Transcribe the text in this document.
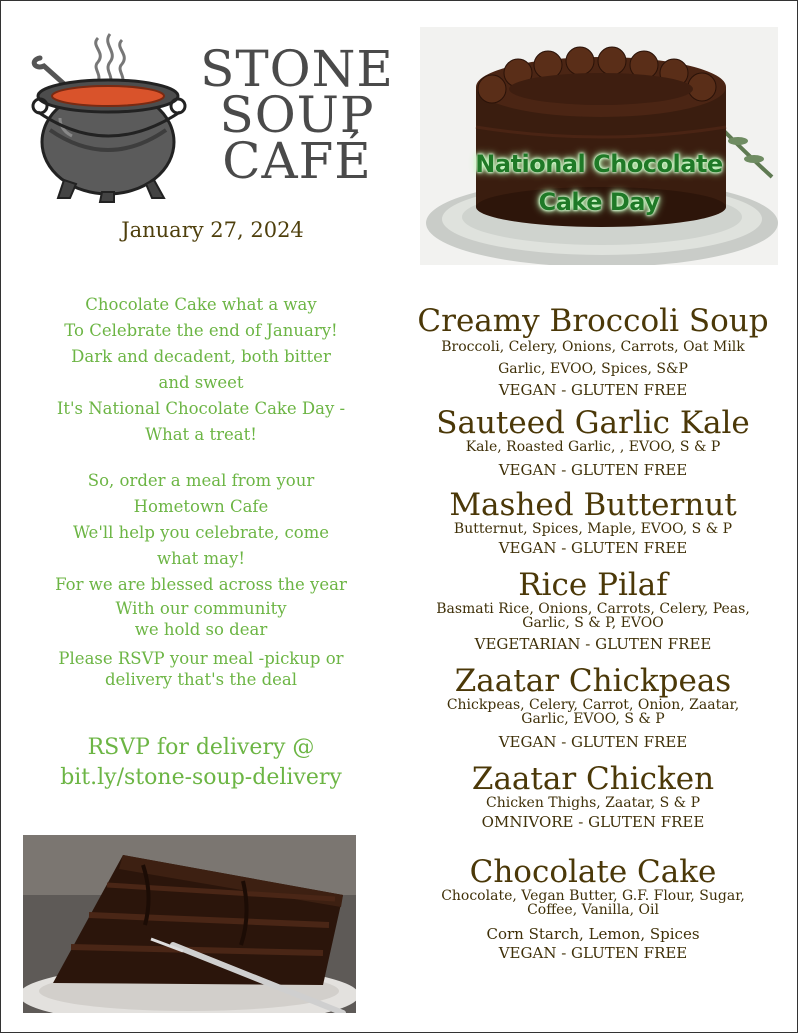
STONE
SOUP
CAFÉ
January 27, 2024
National Chocolate
Cake Day
Chocolate Cake what a way
To Celebrate the end of January!
Dark and decadent, both bitter
and sweet
It's National Chocolate Cake Day -
What a treat!
So, order a meal from your
Hometown Cafe
We'll help you celebrate, come
what may!
For we are blessed across the year
With our community
we hold so dear
Please RSVP your meal -pickup or
delivery that's the deal
RSVP for delivery @
bit.ly/stone-soup-delivery
Creamy Broccoli Soup
Broccoli, Celery, Onions, Carrots, Oat Milk
Garlic, EVOO, Spices, S&P
VEGAN - GLUTEN FREE
Sauteed Garlic Kale
Kale, Roasted Garlic, , EVOO, S & P
VEGAN - GLUTEN FREE
Mashed Butternut
Butternut, Spices, Maple, EVOO, S & P
VEGAN - GLUTEN FREE
Rice Pilaf
Basmati Rice, Onions, Carrots, Celery, Peas,
Garlic, S & P, EVOO
VEGETARIAN - GLUTEN FREE
Zaatar Chickpeas
Chickpeas, Celery, Carrot, Onion, Zaatar,
Garlic, EVOO, S & P
VEGAN - GLUTEN FREE
Zaatar Chicken
Chicken Thighs, Zaatar, S & P
OMNIVORE - GLUTEN FREE
Chocolate Cake
Chocolate, Vegan Butter, G.F. Flour, Sugar,
Coffee, Vanilla, Oil
Corn Starch, Lemon, Spices
VEGAN - GLUTEN FREE
